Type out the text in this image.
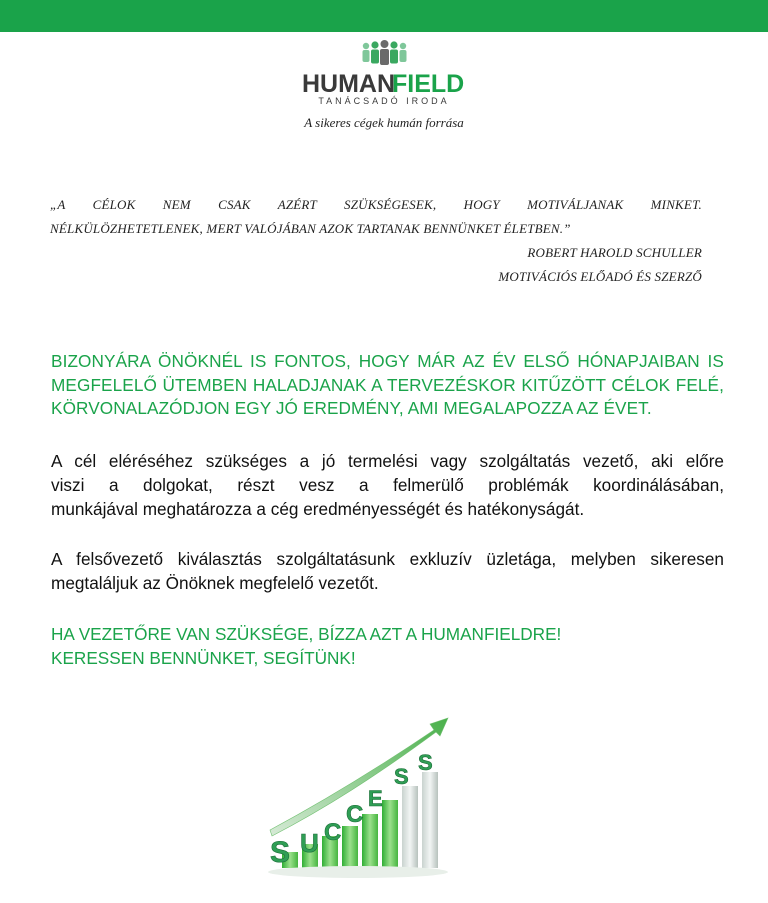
HUMAN
FIELD
TANÁCSADÓ IRODA
A sikeres cégek humán forrása
„A CÉLOK NEM CSAK AZÉRT SZÜKSÉGESEK, HOGY MOTIVÁLJANAK MINKET.
NÉLKÜLÖZHETETLENEK, MERT VALÓJÁBAN AZOK TARTANAK BENNÜNKET ÉLETBEN.”
ROBERT HAROLD SCHULLER
MOTIVÁCIÓS ELŐADÓ ÉS SZERZŐ
BIZONYÁRA ÖNÖKNÉL IS FONTOS, HOGY MÁR AZ ÉV ELSŐ HÓNAPJAIBAN IS
MEGFELELŐ ÜTEMBEN HALADJANAK A TERVEZÉSKOR KITŰZÖTT CÉLOK FELÉ,
KÖRVONALAZÓDJON EGY JÓ EREDMÉNY, AMI MEGALAPOZZA AZ ÉVET.
A cél eléréséhez szükséges a jó termelési vagy szolgáltatás vezető, aki előre
viszi a dolgokat, részt vesz a felmerülő problémák koordinálásában,
munkájával meghatározza a cég eredményességét és hatékonyságát.
A felsővezető kiválasztás szolgáltatásunk exkluzív üzletága, melyben sikeresen
megtaláljuk az Önöknek megfelelő vezetőt.
HA VEZETŐRE VAN SZÜKSÉGE, BÍZZA AZT A HUMANFIELDRE!
KERESSEN BENNÜNKET, SEGÍTÜNK!
S U C
C
E
S
S
